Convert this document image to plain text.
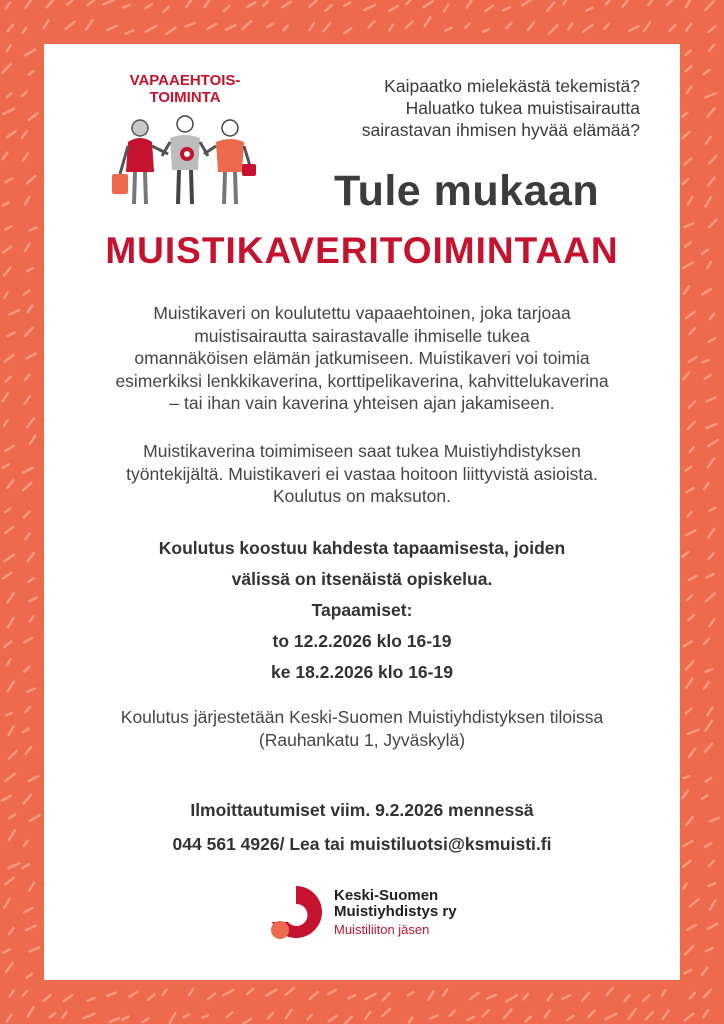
VAPAAEHTOIS-
TOIMINTA
Kaipaatko mielekästä tekemistä?
Haluatko tukea muistisairautta
sairastavan ihmisen hyvää elämää?
Tule mukaan
MUISTIKAVERITOIMINTAAN
Muistikaveri on koulutettu vapaaehtoinen, joka tarjoaa
muistisairautta sairastavalle ihmiselle tukea
omannäköisen elämän jatkumiseen. Muistikaveri voi toimia
esimerkiksi lenkkikaverina, korttipelikaverina, kahvittelukaverina
– tai ihan vain kaverina yhteisen ajan jakamiseen.
Muistikaverina toimimiseen saat tukea Muistiyhdistyksen
työntekijältä. Muistikaveri ei vastaa hoitoon liittyvistä asioista.
Koulutus on maksuton.
Koulutus koostuu kahdesta tapaamisesta, joiden
välissä on itsenäistä opiskelua.
Tapaamiset:
to 12.2.2026 klo 16-19
ke 18.2.2026 klo 16-19
Koulutus järjestetään Keski-Suomen Muistiyhdistyksen tiloissa
(Rauhankatu 1, Jyväskylä)
Ilmoittautumiset viim. 9.2.2026 mennessä
044 561 4926/ Lea tai muistiluotsi@ksmuisti.fi
Keski-Suomen
Muistiyhdistys ry
Muistiliiton jäsen
